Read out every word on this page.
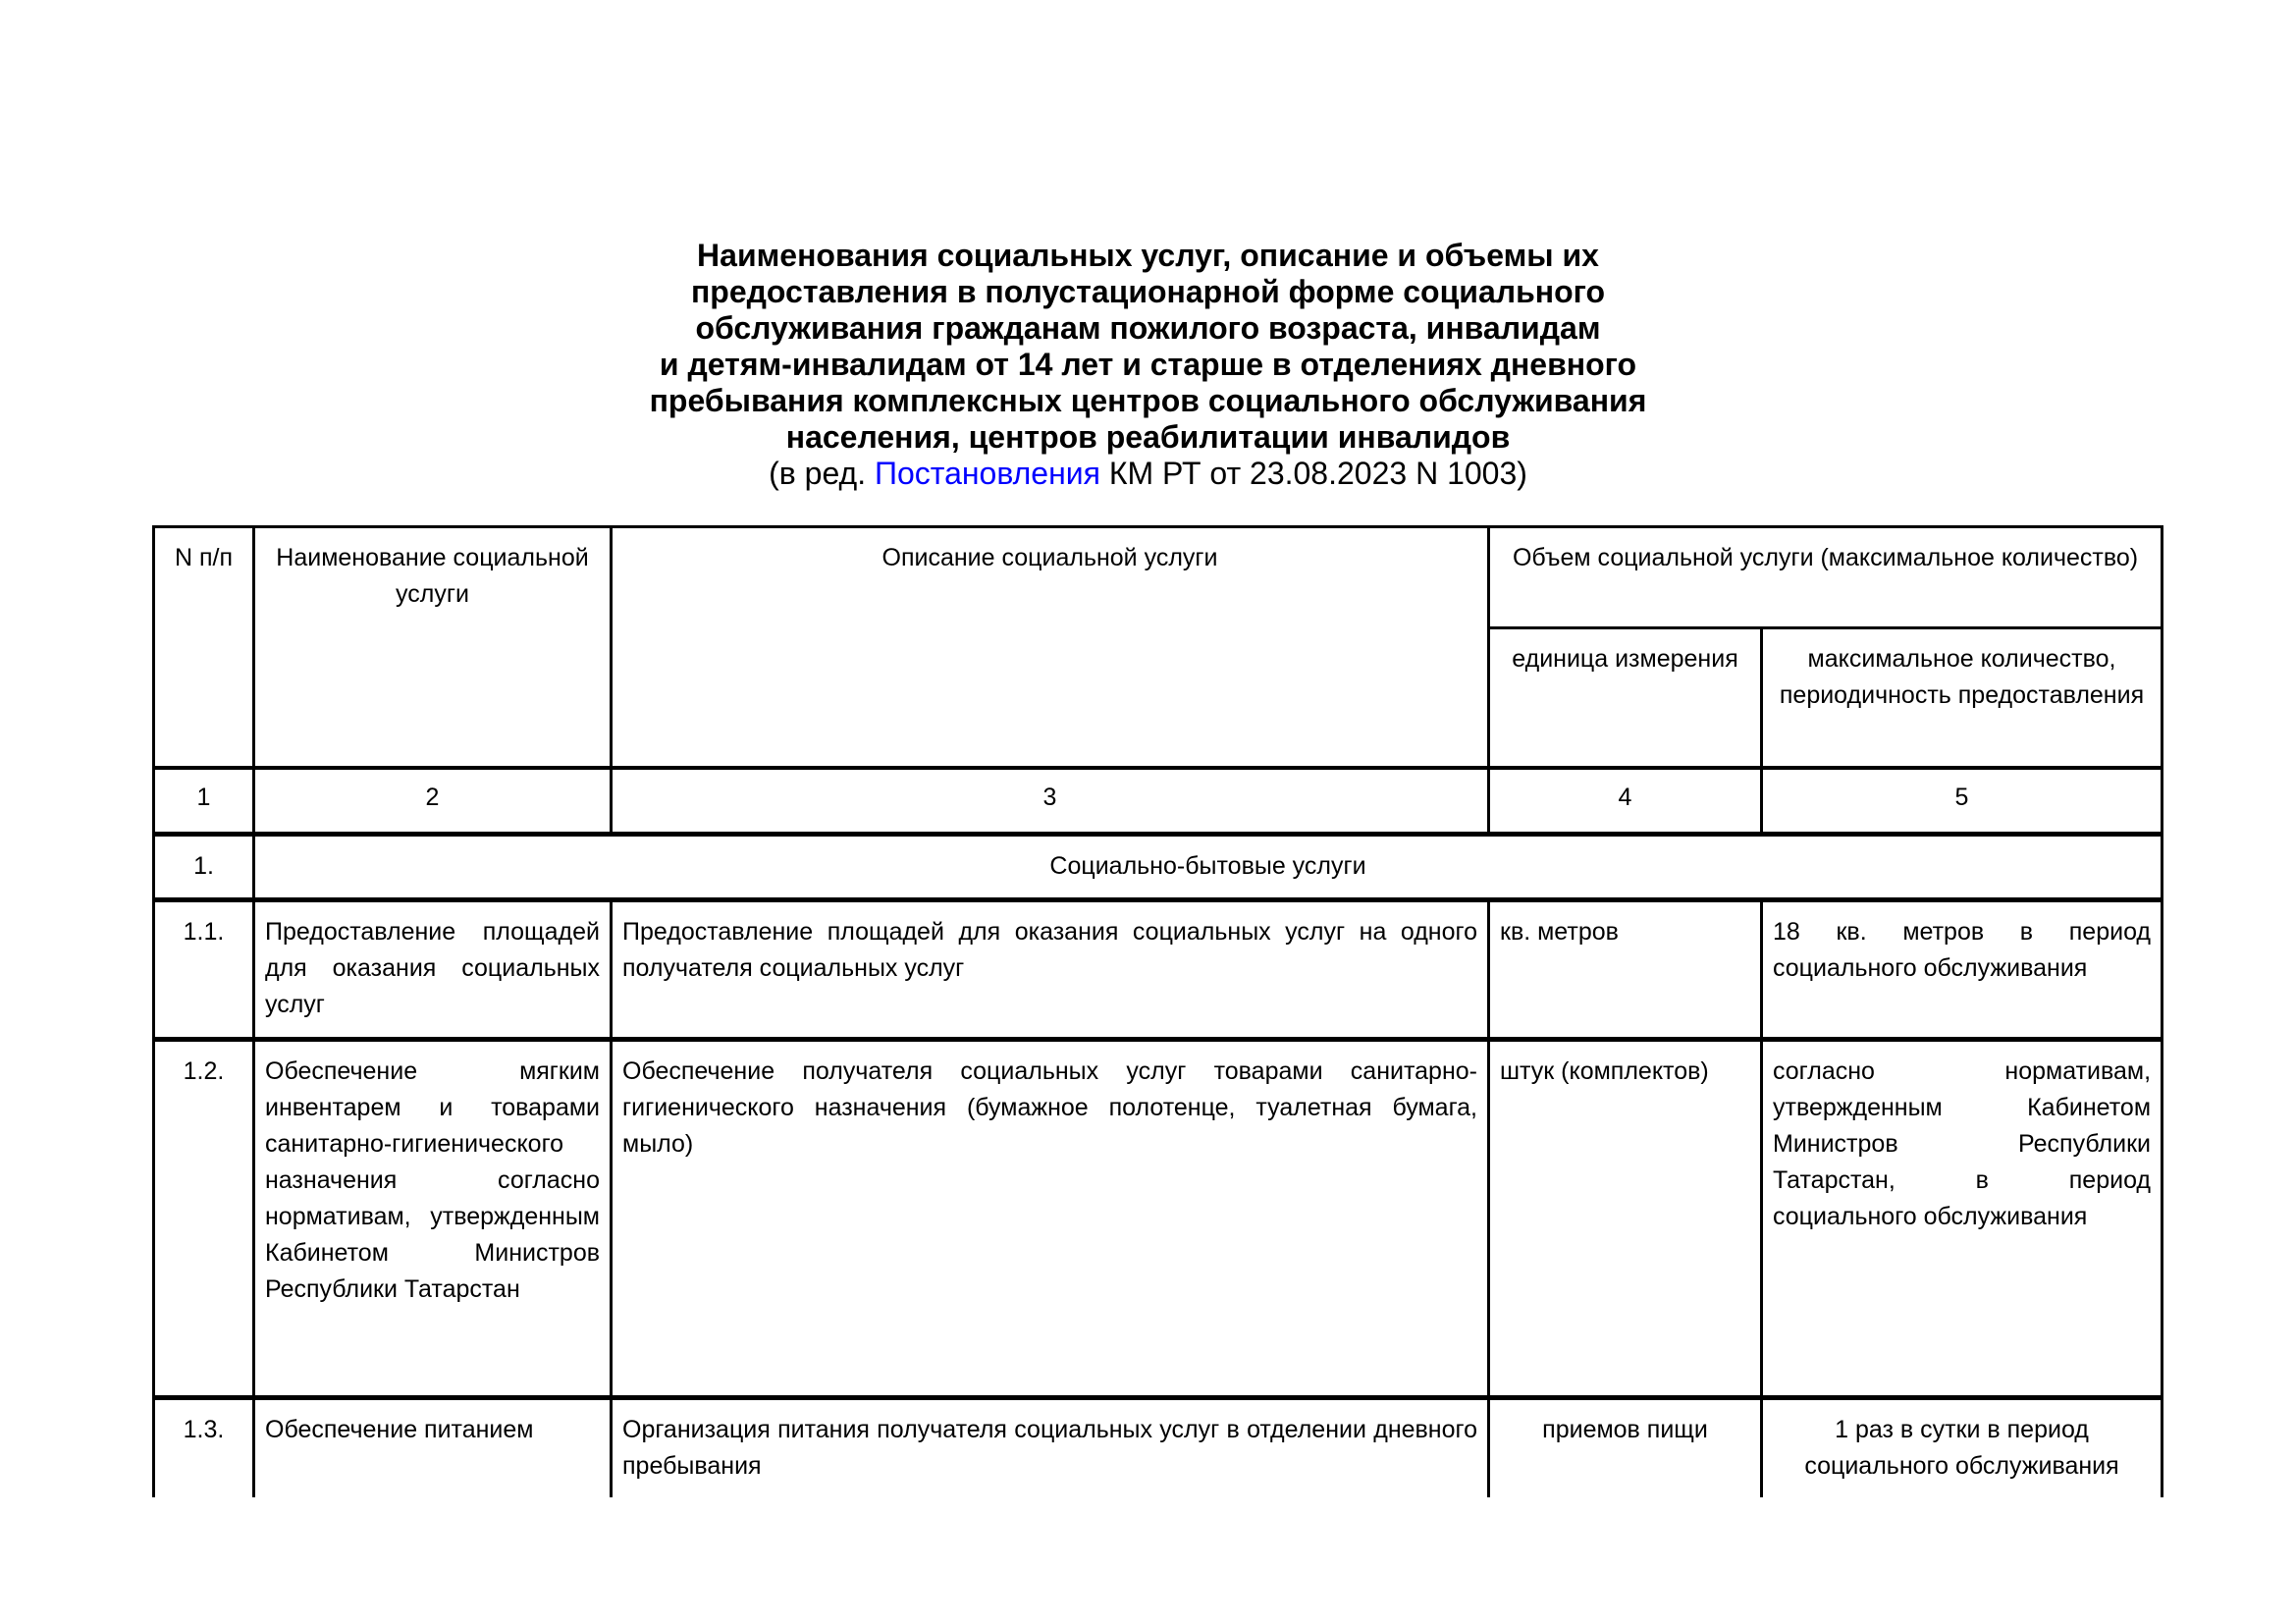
Наименования социальных услуг, описание и объемы их
предоставления в полустационарной форме социального
обслуживания гражданам пожилого возраста, инвалидам
и детям-инвалидам от 14 лет и старше в отделениях дневного
пребывания комплексных центров социального обслуживания
населения, центров реабилитации инвалидов
(в ред. Постановления КМ РТ от 23.08.2023 N 1003)
N п/п	Наименование социальной услуги	Описание социальной услуги	Объем социальной услуги (максимальное количество)	
			единица измерения	максимальное количество, периодичность предоставления
1	2	3	4	5
1.	Социально-бытовые услуги			
1.1.	Предоставление площадей для оказания социальных услуг	Предоставление площадей для оказания социальных услуг на одного получателя социальных услуг	кв. метров	18 кв. метров в период социального обслуживания
1.2.	Обеспечение мягким инвентарем и товарами санитарно-гигиенического назначения согласно нормативам, утвержденным Кабинетом Министров Республики Татарстан	Обеспечение получателя социальных услуг товарами санитарно-гигиенического назначения (бумажное полотенце, туалетная бумага, мыло)	штук (комплектов)	согласно нормативам, утвержденным Кабинетом Министров Республики Татарстан, в период социального обслуживания
1.3.	Обеспечение питанием	Организация питания получателя социальных услуг в отделении дневного пребывания	приемов пищи	1 раз в сутки в период социального обслуживания
